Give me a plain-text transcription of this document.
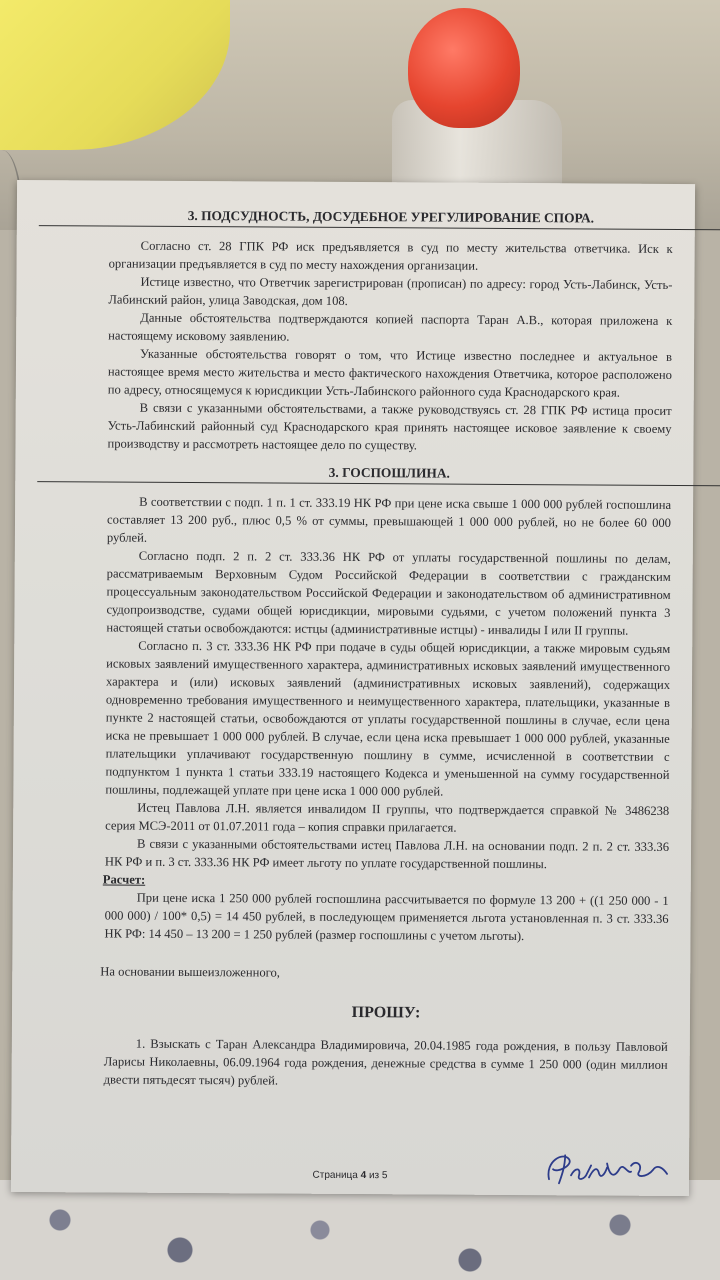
3. ПОДСУДНОСТЬ, ДОСУДЕБНОЕ УРЕГУЛИРОВАНИЕ СПОРА.

Согласно ст. 28 ГПК РФ иск предъявляется в суд по месту жительства ответчика. Иск к организации предъявляется в суд по месту нахождения организации.

Истице известно, что Ответчик зарегистрирован (прописан) по адресу: город Усть-Лабинск, Усть-Лабинский район, улица Заводская, дом 108.

Данные обстоятельства подтверждаются копией паспорта Таран А.В., которая приложена к настоящему исковому заявлению.

Указанные обстоятельства говорят о том, что Истице известно последнее и актуальное в настоящее время место жительства и место фактического нахождения Ответчика, которое расположено по адресу, относящемуся к юрисдикции Усть-Лабинского районного суда Краснодарского края.

В связи с указанными обстоятельствами, а также руководствуясь ст. 28 ГПК РФ истица просит Усть-Лабинский районный суд Краснодарского края принять настоящее исковое заявление к своему производству и рассмотреть настоящее дело по существу.

3. ГОСПОШЛИНА.

В соответствии с подп. 1 п. 1 ст. 333.19 НК РФ при цене иска свыше 1 000 000 рублей госпошлина составляет 13 200 руб., плюс 0,5 % от суммы, превышающей 1 000 000 рублей, но не более 60 000 рублей.

Согласно подп. 2 п. 2 ст. 333.36 НК РФ от уплаты государственной пошлины по делам, рассматриваемым Верховным Судом Российской Федерации в соответствии с гражданским процессуальным законодательством Российской Федерации и законодательством об административном судопроизводстве, судами общей юрисдикции, мировыми судьями, с учетом положений пункта 3 настоящей статьи освобождаются: истцы (административные истцы) - инвалиды I или II группы.

Согласно п. 3 ст. 333.36 НК РФ при подаче в суды общей юрисдикции, а также мировым судьям исковых заявлений имущественного характера, административных исковых заявлений имущественного характера и (или) исковых заявлений (административных исковых заявлений), содержащих одновременно требования имущественного и неимущественного характера, плательщики, указанные в пункте 2 настоящей статьи, освобождаются от уплаты государственной пошлины в случае, если цена иска не превышает 1 000 000 рублей. В случае, если цена иска превышает 1 000 000 рублей, указанные плательщики уплачивают государственную пошлину в сумме, исчисленной в соответствии с подпунктом 1 пункта 1 статьи 333.19 настоящего Кодекса и уменьшенной на сумму государственной пошлины, подлежащей уплате при цене иска 1 000 000 рублей.

Истец Павлова Л.Н. является инвалидом II группы, что подтверждается справкой № 3486238 серия МСЭ-2011 от 01.07.2011 года – копия справки прилагается.

В связи с указанными обстоятельствами истец Павлова Л.Н. на основании подп. 2 п. 2 ст. 333.36 НК РФ и п. 3 ст. 333.36 НК РФ имеет льготу по уплате государственной пошлины.

Расчет:

При цене иска 1 250 000 рублей госпошлина рассчитывается по формуле 13 200 + ((1 250 000 - 1 000 000) / 100* 0,5) = 14 450 рублей, в последующем применяется льгота установленная п. 3 ст. 333.36 НК РФ: 14 450 – 13 200 = 1 250 рублей (размер госпошлины с учетом льготы).

На основании вышеизложенного,

ПРОШУ:

1. Взыскать с Таран Александра Владимировича, 20.04.1985 года рождения, в пользу Павловой Ларисы Николаевны, 06.09.1964 года рождения, денежные средства в сумме 1 250 000 (один миллион двести пятьдесят тысяч) рублей.

Страница 4 из 5
